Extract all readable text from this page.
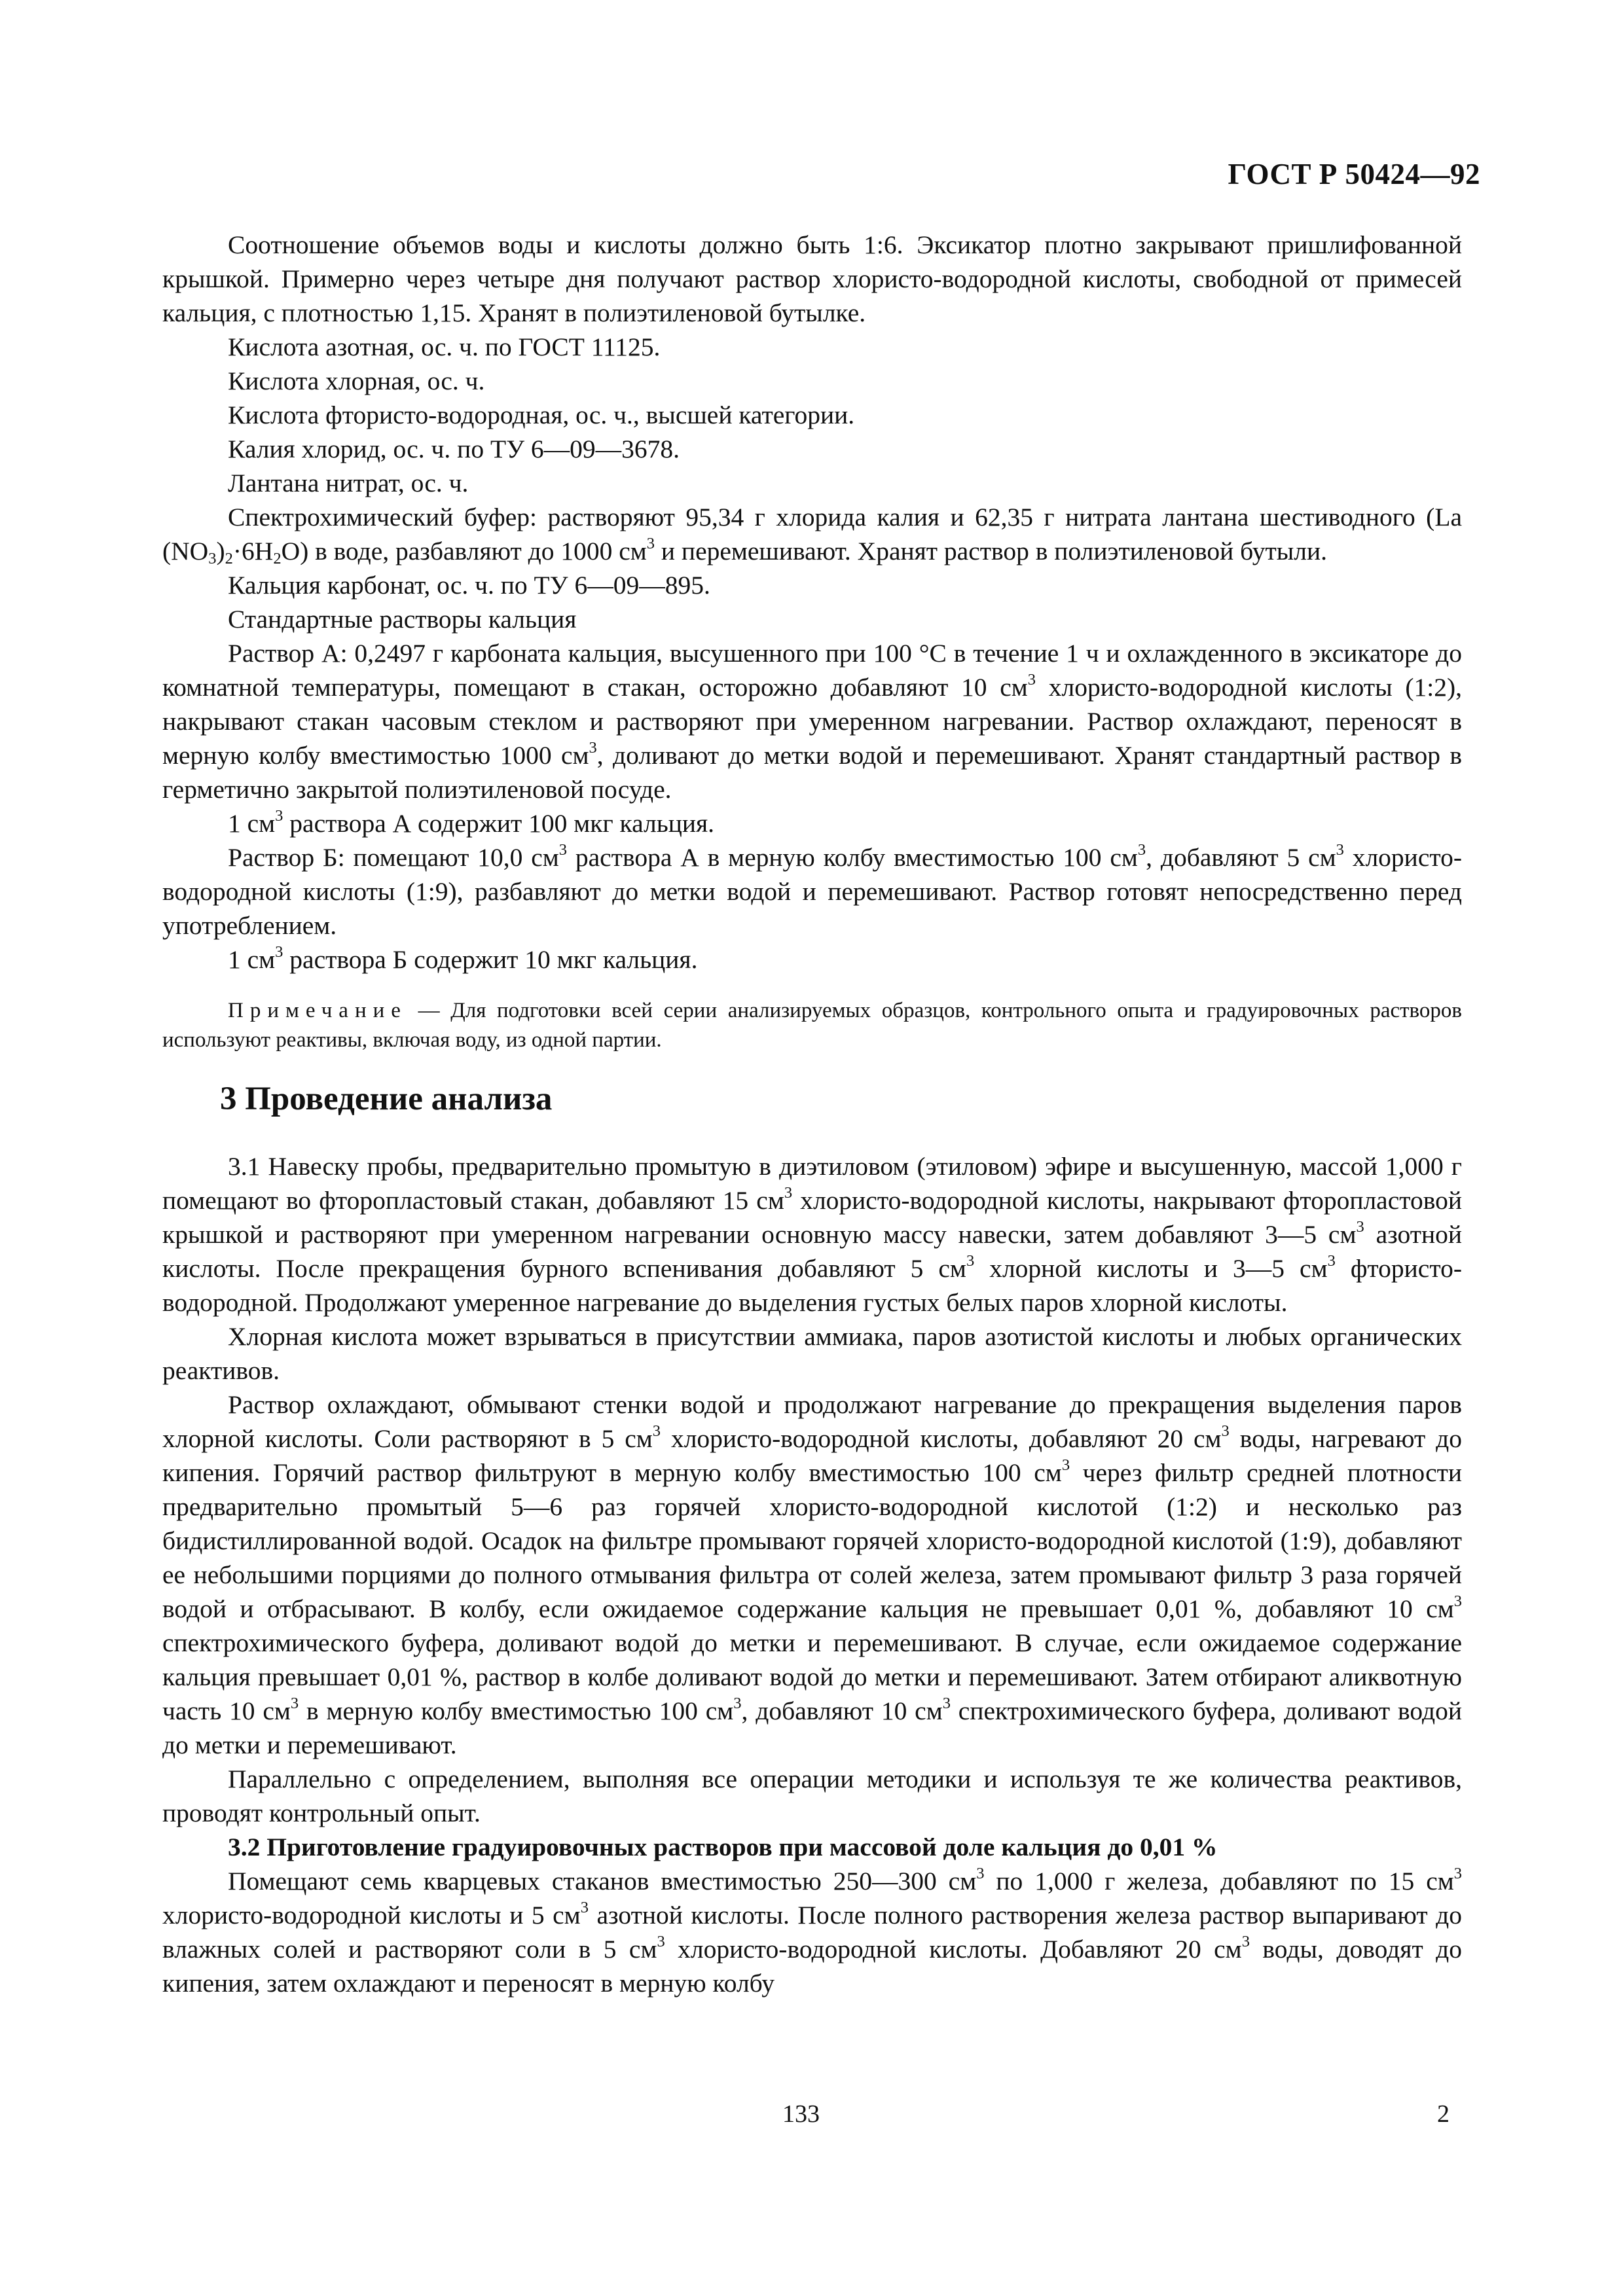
ГОСТ Р 50424—92

Соотношение объемов воды и кислоты должно быть 1:6. Эксикатор плотно закрывают пришлифованной крышкой. Примерно через четыре дня получают раствор хлористо-водородной кислоты, свободной от примесей кальция, с плотностью 1,15. Хранят в полиэтиленовой бутылке.

Кислота азотная, ос. ч. по ГОСТ 11125.

Кислота хлорная, ос. ч.

Кислота фтористо-водородная, ос. ч., высшей категории.

Калия хлорид, ос. ч. по ТУ 6—09—3678.

Лантана нитрат, ос. ч.

Спектрохимический буфер: растворяют 95,34 г хлорида калия и 62,35 г нитрата лантана шестиводного (La $(NO_3)_2\cdot 6H_2O$) в воде, разбавляют до 1000 $см^3$ и перемешивают. Хранят раствор в полиэтиленовой бутыли.

Кальция карбонат, ос. ч. по ТУ 6—09—895.

Стандартные растворы кальция

Раствор А: 0,2497 г карбоната кальция, высушенного при 100 °С в течение 1 ч и охлажденного в эксикаторе до комнатной температуры, помещают в стакан, осторожно добавляют 10 $см^3$ хлористо-водородной кислоты (1:2), накрывают стакан часовым стеклом и растворяют при умеренном нагревании. Раствор охлаждают, переносят в мерную колбу вместимостью 1000 $см^3$, доливают до метки водой и перемешивают. Хранят стандартный раствор в герметично закрытой полиэтиленовой посуде.

1 $см^3$ раствора А содержит 100 мкг кальция.

Раствор Б: помещают 10,0 $см^3$ раствора А в мерную колбу вместимостью 100 $см^3$, добавляют 5 $см^3$ хлористо-водородной кислоты (1:9), разбавляют до метки водой и перемешивают. Раствор готовят непосредственно перед употреблением.

1 $см^3$ раствора Б содержит 10 мкг кальция.

Примечание — Для подготовки всей серии анализируемых образцов, контрольного опыта и градуировочных растворов используют реактивы, включая воду, из одной партии.

3 Проведение анализа

3.1 Навеску пробы, предварительно промытую в диэтиловом (этиловом) эфире и высушенную, массой 1,000 г помещают во фторопластовый стакан, добавляют 15 $см^3$ хлористо-водородной кислоты, накрывают фторопластовой крышкой и растворяют при умеренном нагревании основную массу навески, затем добавляют 3—5 $см^3$ азотной кислоты. После прекращения бурного вспенивания добавляют 5 $см^3$ хлорной кислоты и 3—5 $см^3$ фтористо-водородной. Продолжают умеренное нагревание до выделения густых белых паров хлорной кислоты.

Хлорная кислота может взрываться в присутствии аммиака, паров азотистой кислоты и любых органических реактивов.

Раствор охлаждают, обмывают стенки водой и продолжают нагревание до прекращения выделения паров хлорной кислоты. Соли растворяют в 5 $см^3$ хлористо-водородной кислоты, добавляют 20 $см^3$ воды, нагревают до кипения. Горячий раствор фильтруют в мерную колбу вместимостью 100 $см^3$ через фильтр средней плотности предварительно промытый 5—6 раз горячей хлористо-водородной кислотой (1:2) и несколько раз бидистиллированной водой. Осадок на фильтре промывают горячей хлористо-водородной кислотой (1:9), добавляют ее небольшими порциями до полного отмывания фильтра от солей железа, затем промывают фильтр 3 раза горячей водой и отбрасывают. В колбу, если ожидаемое содержание кальция не превышает 0,01 %, добавляют 10 $см^3$ спектрохимического буфера, доливают водой до метки и перемешивают. В случае, если ожидаемое содержание кальция превышает 0,01 %, раствор в колбе доливают водой до метки и перемешивают. Затем отбирают аликвотную часть 10 $см^3$ в мерную колбу вместимостью 100 $см^3$, добавляют 10 $см^3$ спектрохимического буфера, доливают водой до метки и перемешивают.

Параллельно с определением, выполняя все операции методики и используя те же количества реактивов, проводят контрольный опыт.

3.2 Приготовление градуировочных растворов при массовой доле кальция до 0,01 %

Помещают семь кварцевых стаканов вместимостью 250—300 $см^3$ по 1,000 г железа, добавляют по 15 $см^3$ хлористо-водородной кислоты и 5 $см^3$ азотной кислоты. После полного растворения железа раствор выпаривают до влажных солей и растворяют соли в 5 $см^3$ хлористо-водородной кислоты. Добавляют 20 $см^3$ воды, доводят до кипения, затем охлаждают и переносят в мерную колбу

133	2
